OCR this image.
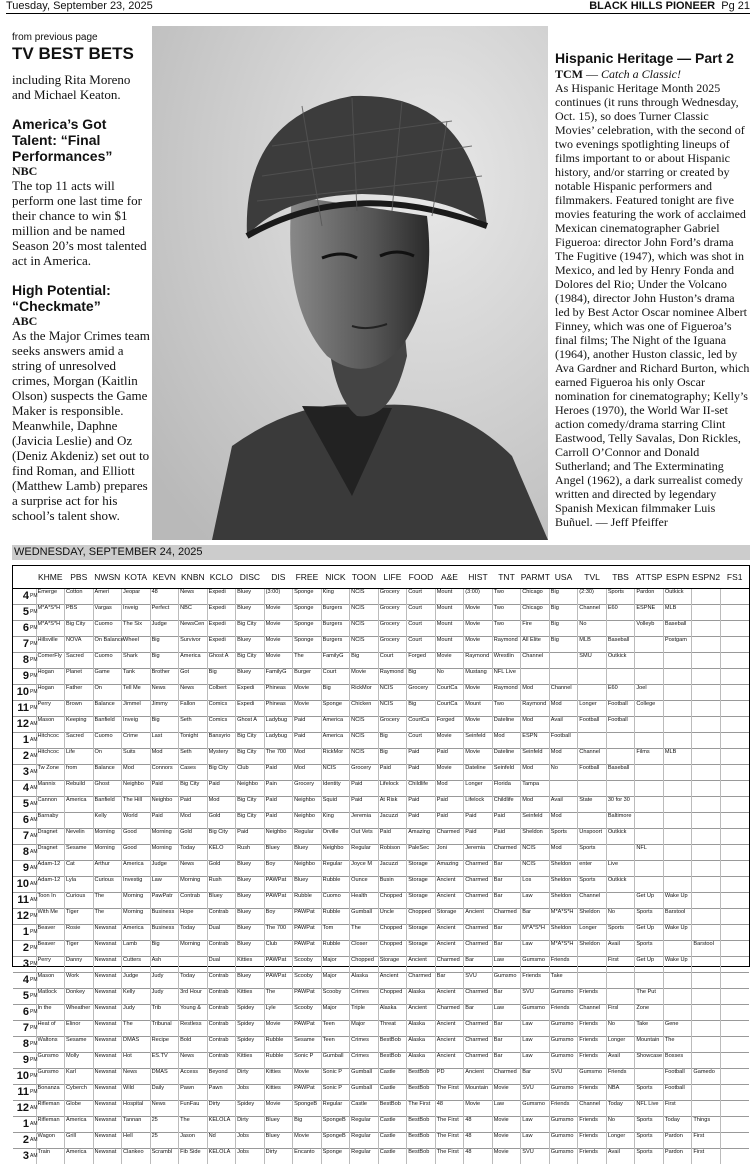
Tuesday, September 23, 2025	BLACK HILLS PIONEER Pg 21
from previous page
TV BEST BETS
including Rita Moreno and Michael Keaton.
America’s Got Talent: “Final Performances”
NBC
The top 11 acts will perform one last time for their chance to win $1 million and be named Season 20’s most talented act in America.
High Potential: “Checkmate”
ABC
As the Major Crimes team seeks answers amid a string of unresolved crimes, Morgan (Kaitlin Olson) suspects the Game Maker is responsible. Meanwhile, Daphne (Javicia Leslie) and Oz (Deniz Akdeniz) set out to find Roman, and Elliott (Matthew Lamb) prepares a surprise act for his school’s talent show.
Hispanic Heritage — Part 2
TCM — Catch a Classic!
As Hispanic Heritage Month 2025 continues (it runs through Wednesday, Oct. 15), so does Turner Classic Movies’ celebration, with the second of two evenings spotlighting lineups of films important to or about Hispanic history, and/or starring or created by notable Hispanic performers and filmmakers. Featured tonight are five movies featuring the work of acclaimed Mexican cinematographer Gabriel Figueroa: director John Ford’s drama The Fugitive (1947), which was shot in Mexico, and led by Henry Fonda and Dolores del Rio; Under the Volcano (1984), director John Huston’s drama led by Best Actor Oscar nominee Albert Finney, which was one of Figueroa’s final films; The Night of the Iguana (1964), another Huston classic, led by Ava Gardner and Richard Burton, which earned Figueroa his only Oscar nomination for cinematography; Kelly’s Heroes (1970), the World War II-set action comedy/drama starring Clint Eastwood, Telly Savalas, Don Rickles, Carroll O’Connor and Donald Sutherland; and The Exterminating Angel (1962), a dark surrealist comedy written and directed by legendary Spanish Mexican filmmaker Luis Buñuel. — Jeff Pfeiffer
WEDNESDAY, SEPTEMBER 24, 2025
		KHME	PBS	NWSN	KOTA	KEVN	KNBN	KCLO	DISC	DIS	FREE	NICK	TOON	LIFE	FOOD	A&E	HIST	TNT	PARMT	USA	TVL	TBS	ATTSP	ESPN	ESPN2	FS1
4	PM	Emerge	Cotton	Ameri	Jeopar	48	News	Expedi	Bluey	(3:00)	Sponge	King	NCIS	Grocery	Court	Mount	(3:00)	Two	Chicago	Big	(2:30)	Sports	Pardon	Outkick		
5	PM	M*A*S*H	PBS	Vargas	Inveig	Perfect	NBC	Expedi	Bluey	Movie	Sponge	Burgers	NCIS	Grocery	Court	Mount	Movie	Two	Chicago	Big	Channel	E60	ESPNE	MLB		
6	PM	M*A*S*H	Big City	Cuomo	The Six	Judge	NewsCen	Expedi	Big City	Movie	Sponge	Burgers	NCIS	Grocery	Court	Mount	Movie	Two	Fire	Big	No		Volleyb	Baseball		
7	PM	Hillsville	NOVA	On Balance	Wheel	Big	Survivor	Expedi	Bluey	Movie	Sponge	Burgers	NCIS	Grocery	Court	Mount	Movie	Raymond	All Elite	Big	MLB	Baseball		Postgam		
8	PM	ComerFly	Sacred	Cuomo	Shark	Big	America	Ghost A	Big City	Movie	The	FamilyG	Big	Court	Forged	Movie	Raymond	Wrestlin	Channel		SMU	Outkick				
9	PM	Hogan	Planet	Game	Tank	Brother	Got	Big	Bluey	FamilyG	Burger	Court	Movie	Raymond	Big	No	Mustang	NFL Live								
10	PM	Hogan	Father	On	Tell Me	News	News	Colbert	Expedi	Phineas	Movie	Big	RickMor	NCIS	Grocery	CourtCa	Movie	Raymond	Mod	Channel		E60	Joel			
11	PM	Perry	Brown	Balance	Jimmel	Jimmy	Fallon	Comics	Expedi	Phineas	Movie	Sponge	Chicken	NCIS	Big	CourtCa	Mount	Two	Raymond	Mod	Longer	Football	College			
12	AM	Mason	Keeping	Banfield	Inveig	Big	Seth	Comics	Ghost A	Ladybug	Paid	America	NCIS	Grocery	CourtCa	Forged	Movie	Dateline	Mod	Avail	Football	Football				
1	AM	Hitchcoc	Sacred	Cuomo	Crime	Last	Tonight	Bansyrio	Big City	Ladybug	Paid	America	NCIS	Big	Court	Movie	Seinfeld	Mod	ESPN	Football						
2	AM	Hitchcoc	Life	On	Suits	Mod	Seth	Mystery	Big City	The 700	Mod	RickMor	NCIS	Big	Paid	Paid	Movie	Dateline	Seinfeld	Mod	Channel		Films	MLB		
3	AM	Tw Zone	from	Balance	Mod	Connors	Cases	Big City	Club	Paid	Mod	NCIS	Grocery	Paid	Paid	Movie	Dateline	Seinfeld	Mod	No	Football	Baseball				
4	AM	Mannix	Rebuild	Ghost	Neighbo	Paid	Big City	Paid	Neighbo	Pain	Grocery	Identity	Paid	Lifelock	Childlife	Mod	Longer	Florida	Tampa							
5	AM	Cannon	America	Banfield	The Hill	Neighbo	Paid	Mod	Big City	Paid	Neighbo	Squid	Paid	At Risk	Paid	Paid	Lifelock	Childlife	Mod	Avail	State	30 for 30				
6	AM	Barnaby		Kelly	World	Paid	Mod	Gold	Big City	Paid	Neighbo	King	Jeremia	Jacuzzi	Paid	Paid	Paid	Paid	Seinfeld	Mod		Baltimore				
7	AM	Dragnet	Nevelin	Morning	Good	Morning	Gold	Big City	Paid	Neighbo	Regular	Orville	Out Vets	Paid	Amazing	Charmed	Paid	Paid	Sheldon	Sports	Unspoort	Outkick				
8	AM	Dragnet	Sesame	Morning	Good	Morning	Today	KELO	Rush	Bluey	Bluey	Neighbo	Regular	Robison	PaleSec	Joni	Jeremia	Charmed	NCIS	Mod	Sports		NFL			
9	AM	Adam-12	Cat	Arthur	America	Judge	News	Gold	Bluey	Boy	Neighbo	Regular	Joyce M	Jacuzzi	Storage	Amazing	Charmed	Bar	NCIS	Sheldon	enter	Live				
10	AM	Adam-12	Lyla	Curious	Investig	Law	Morning	Rush	Bluey	PAWPat	Bluey	Rubble	Ounce	Busin	Storage	Ancient	Charmed	Bar	Los	Sheldon	Sports	Outkick				
11	AM	Toon In	Curious	The	Morning	PawPatr	Contrab	Bluey	Bluey	PAWPat	Rubble	Cuomo	Health	Chopped	Storage	Ancient	Charmed	Bar	Law	Sheldon	Channel		Get Up	Wake Up		
12	PM	With Me	Tiger	The	Morning	Business	Hope	Contrab	Bluey	Boy	PAWPat	Rubble	Gumball	Uncle	Chopped	Storage	Ancient	Charmed	Bar	M*A*S*H	Sheldon	No	Sports	Barstool		
1	PM	Beaver	Rosie	Newsnat	America	Business	Today	Dual	Bluey	The 700	PAWPat	Tom	The	Chopped	Storage	Ancient	Charmed	Bar	M*A*S*H	Sheldon	Longer	Sports	Get Up	Wake Up		
2	PM	Beaver	Tiger	Newsnat	Lamb	Big	Morning	Contrab	Bluey	Club	PAWPat	Rubble	Closer	Chopped	Storage	Ancient	Charmed	Bar	Law	M*A*S*H	Sheldon	Avail	Sports		Barstool	
3	PM	Perry	Danny	Newsnat	Cutters	Ash		Dual	Kitties	PAWPat	Scooby	Major	Chopped	Storage	Ancient	Charmed	Bar	Law	Gumsmo	Friends		First	Get Up	Wake Up		
4	PM	Mason	Work	Newsnat	Judge	Judy	Today	Contrab	Bluey	PAWPat	Scooby	Major	Alaska	Ancient	Charmed	Bar	SVU	Gumsmo	Friends	Take						
5	PM	Matlock	Donkey	Newsnat	Kelly	Judy	3rd Hour	Contrab	Kitties	The	PAWPat	Scooby	Crimes	Chopped	Alaska	Ancient	Charmed	Bar	SVU	Gumsmo	Friends		The Put			
6	PM	In the	Wheather	Newsnat	Judy	Trib	Young &	Contrab	Spidey	Lyle	Scooby	Major	Triple	Alaska	Ancient	Charmed	Bar	Law	Gumsmo	Friends	Channel	Firsl	Zone			
7	PM	Heat of	Elinor	Newsnat	The	Tribunal	Restless	Contrab	Spidey	Movie	PAWPat	Teen	Major	Threat	Alaska	Ancient	Charmed	Bar	Law	Gumsmo	Friends	No	Take	Gene		
8	PM	Waltons	Sesame	Newsnat	DMAS	Recipe	Bold	Contrab	Spidey	Rubble	Sesame	Teen	Crimes	BestBob	Alaska	Ancient	Charmed	Bar	Law	Gumsmo	Friends	Longer	Mountain	The		
9	PM	Gunsmo	Molly	Newsnat	Hot	ES.TV	News	Contrab	Kitties	Rubble	Sonic P	Gumball	Crimes	BestBob	Alaska	Ancient	Charmed	Bar	Law	Gumsmo	Friends	Avail	Showcase	Bosses		
10	PM	Gunsmo	Karl	Newsnat	News	DMAS	Access	Beyond	Dirty	Kitties	Movie	Sonic P	Gumball	Castle	BestBob	PD	Ancient	Charmed	Bar	SVU	Gumsmo	Friends		Football	Gamedo	
11	PM	Bonanza	Cyberch	Newsnat	Wild	Daily	Pawn	Pawn	Jobs	Kitties	PAWPat	Sonic P	Gumball	Castle	BestBob	The First	Mountain	Movie	SVU	Gumsmo	Friends	NBA	Sports	Football		
12	AM	Rifleman	Globe	Newsnat	Hospital	News	FunFau	Dirty	Spidey	Movie	SpongeB	Regular	Castle	BestBob	The First	48	Movie	Law	Gumsmo	Friends	Channel	Today	NFL Live	First		
1	AM	Rifleman	America	Newsnat	Tannan	25	The	KELOLA	Dirty	Bluey	Big	SpongeB	Regular	Castle	BestBob	The First	48	Movie	Law	Gumsmo	Friends	No	Sports	Today	Things	
2	AM	Wagon	Grill	Newsnat	Hell	25	Jason	Nd	Jobs	Bluey	Movie	SpongeB	Regular	Castle	BestBob	The First	48	Movie	Law	Gumsmo	Friends	Longer	Sports	Pardon	First	
3	AM	Train	America	Newsnat	Clankeo	Scrambl	Fib Side	KELOLA	Jobs	Dirty	Encanto	Sponge	Regular	Castle	BestBob	The First	48	Movie	SVU	Gumsmo	Friends	Avail	Sports	Pardon	First	
